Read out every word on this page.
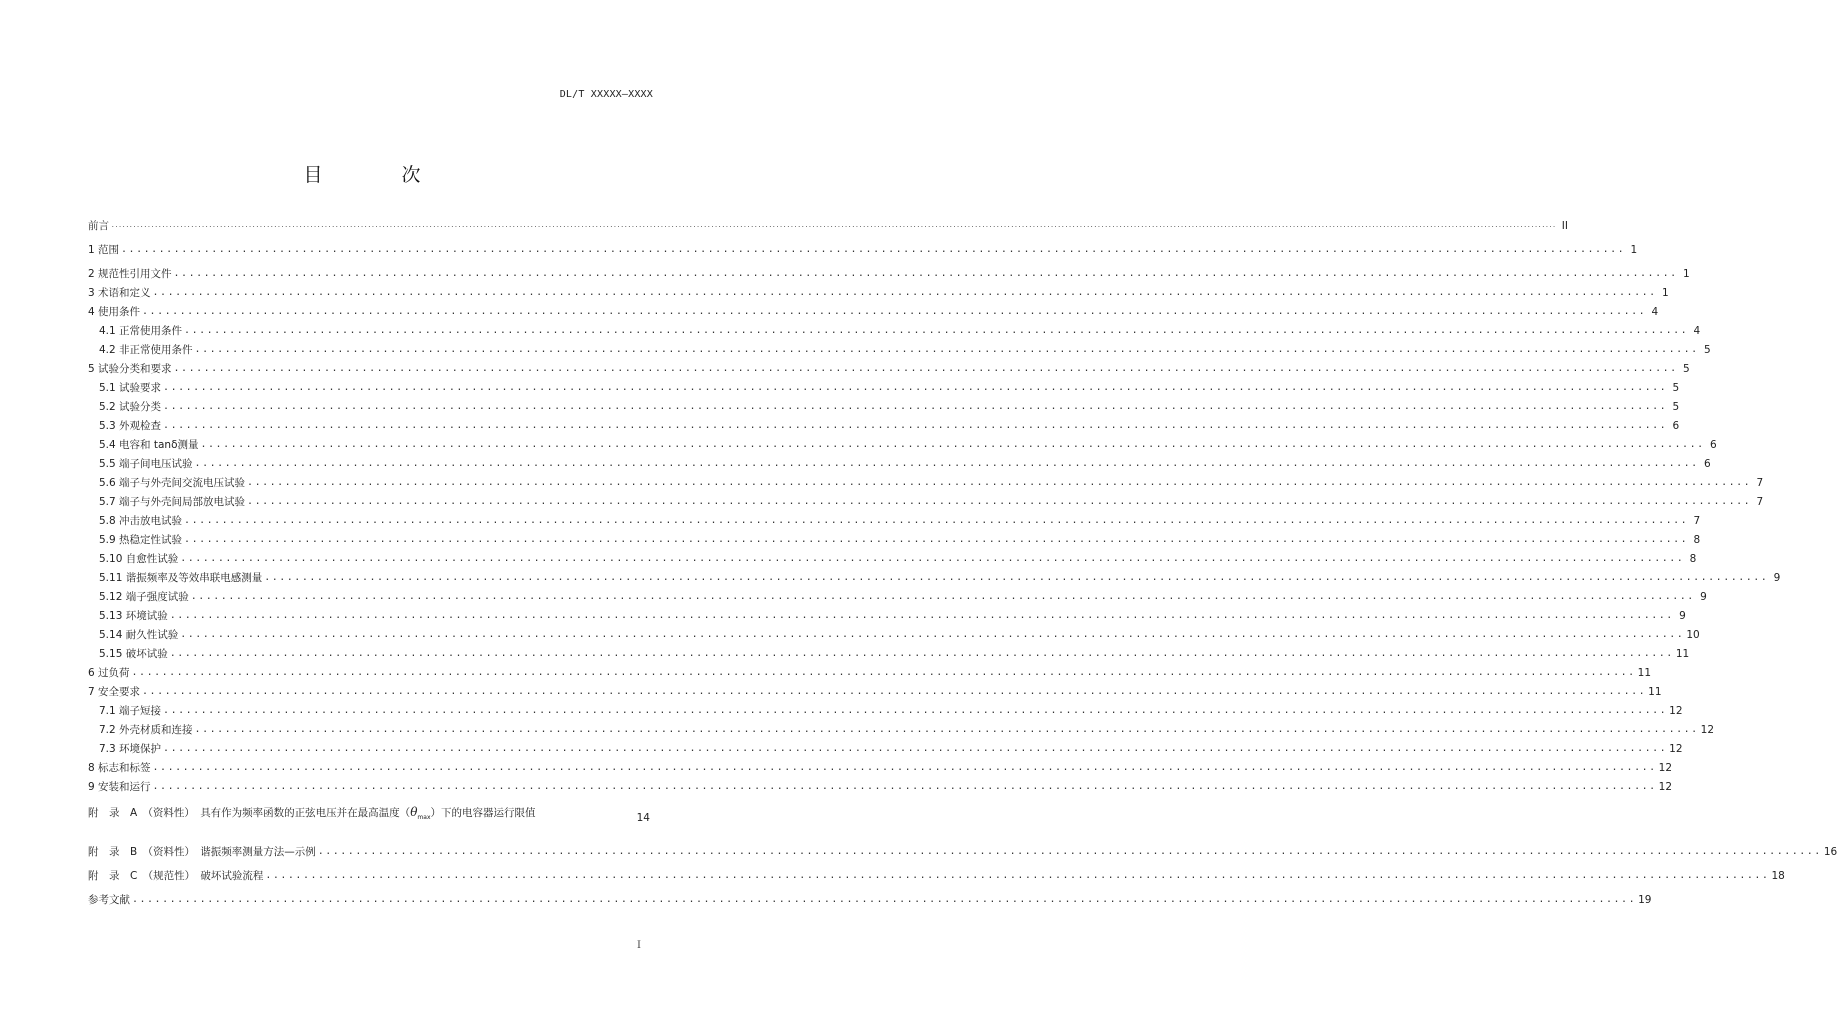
DL/T XXXXX—XXXX
目　次
前言 ................................................................................................................................................................................................................................................................................................................................................................................................................ II
1 范围 ........................................................................................................................................................................................................ 1
2 规范性引用文件 ........................................................................................................................................................................................................ 1
3 术语和定义 ........................................................................................................................................................................................................ 1
4 使用条件 ........................................................................................................................................................................................................ 4
4.1 正常使用条件 ........................................................................................................................................................................................................ 4
4.2 非正常使用条件 ........................................................................................................................................................................................................ 5
5 试验分类和要求 ........................................................................................................................................................................................................ 5
5.1 试验要求 ........................................................................................................................................................................................................ 5
5.2 试验分类 ........................................................................................................................................................................................................ 5
5.3 外观检查 ........................................................................................................................................................................................................ 6
5.4 电容和 tanδ测量 ........................................................................................................................................................................................................ 6
5.5 端子间电压试验 ........................................................................................................................................................................................................ 6
5.6 端子与外壳间交流电压试验 ........................................................................................................................................................................................................ 7
5.7 端子与外壳间局部放电试验 ........................................................................................................................................................................................................ 7
5.8 冲击放电试验 ........................................................................................................................................................................................................ 7
5.9 热稳定性试验 ........................................................................................................................................................................................................ 8
5.10 自愈性试验 ........................................................................................................................................................................................................ 8
5.11 谐振频率及等效串联电感测量 ........................................................................................................................................................................................................ 9
5.12 端子强度试验 ........................................................................................................................................................................................................ 9
5.13 环境试验 ........................................................................................................................................................................................................ 9
5.14 耐久性试验 ........................................................................................................................................................................................................ 10
5.15 破坏试验 ........................................................................................................................................................................................................ 11
6 过负荷 ........................................................................................................................................................................................................ 11
7 安全要求 ........................................................................................................................................................................................................ 11
7.1 端子短接 ........................................................................................................................................................................................................ 12
7.2 外壳材质和连接 ........................................................................................................................................................................................................ 12
7.3 环境保护 ........................................................................................................................................................................................................ 12
8 标志和标签 ........................................................................................................................................................................................................ 12
9 安装和运行 ........................................................................................................................................................................................................ 12
附　录　A　 （资料性）　 具有作为频率函数的正弦电压并在最高温度$(\theta_{max})$下的电容器运行限值	14
附　录　B　 （资料性）　 谐振频率测量方法—示例 ........................................................................................................................................................................................................ 16
附　录　C　 （规范性）　 破坏试验流程 ........................................................................................................................................................................................................ 18
参考文献 ........................................................................................................................................................................................................ 19
I
